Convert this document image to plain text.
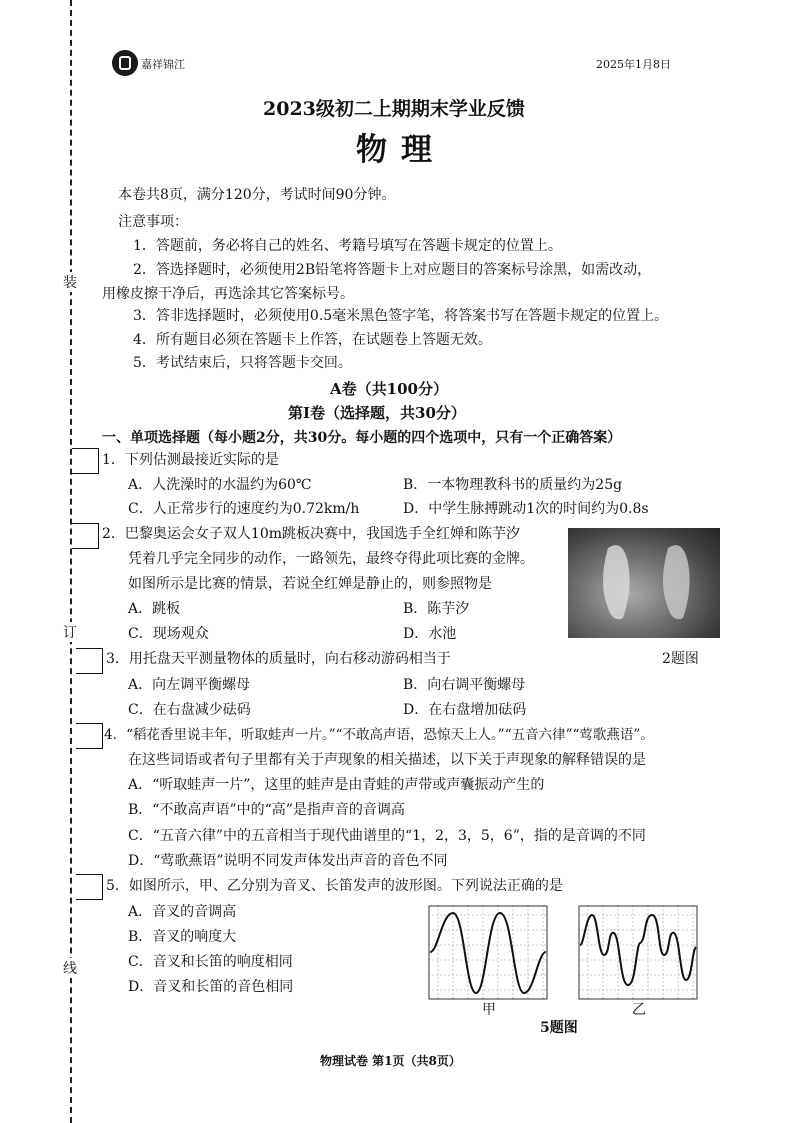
装
订
线
嘉祥锦江	2025年1月8日
2023级初二上期期末学业反馈
物理
本卷共8页，满分120分，考试时间90分钟。
注意事项：
1．答题前，务必将自己的姓名、考籍号填写在答题卡规定的位置上。
2．答选择题时，必须使用2B铅笔将答题卡上对应题目的答案标号涂黑，如需改动，
用橡皮擦干净后，再选涂其它答案标号。
3．答非选择题时，必须使用0.5毫米黑色签字笔，将答案书写在答题卡规定的位置上。
4．所有题目必须在答题卡上作答，在试题卷上答题无效。
5．考试结束后，只将答题卡交回。
A卷（共100分）
第Ⅰ卷（选择题，共30分）
一、单项选择题（每小题2分，共30分。每小题的四个选项中，只有一个正确答案）
1．下列估测最接近实际的是
A．人洗澡时的水温约为60℃	B．一本物理教科书的质量约为25g
C．人正常步行的速度约为0.72km/h	D．中学生脉搏跳动1次的时间约为0.8s
2．巴黎奥运会女子双人10m跳板决赛中，我国选手全红婵和陈芋汐
凭着几乎完全同步的动作，一路领先，最终夺得此项比赛的金牌。
如图所示是比赛的情景，若说全红婵是静止的，则参照物是
A．跳板	B．陈芋汐
C．现场观众	D．水池
2题图
3．用托盘天平测量物体的质量时，向右移动游码相当于
A．向左调平衡螺母	B．向右调平衡螺母
C．在右盘减少砝码	D．在右盘增加砝码
4．“稻花香里说丰年，听取蛙声一片。”“不敢高声语，恐惊天上人。”“五音六律”“莺歌燕语”。
在这些词语或者句子里都有关于声现象的相关描述，以下关于声现象的解释错误的是
A．“听取蛙声一片”，这里的蛙声是由青蛙的声带或声囊振动产生的
B．“不敢高声语”中的“高”是指声音的音调高
C．“五音六律”中的五音相当于现代曲谱里的“1，2，3，5，6”，指的是音调的不同
D．“莺歌燕语”说明不同发声体发出声音的音色不同
5．如图所示，甲、乙分别为音叉、长笛发声的波形图。下列说法正确的是
A．音叉的音调高
B．音叉的响度大
C．音叉和长笛的响度相同
D．音叉和长笛的音色相同
甲	乙
5题图
物理试卷 第1页（共8页）
